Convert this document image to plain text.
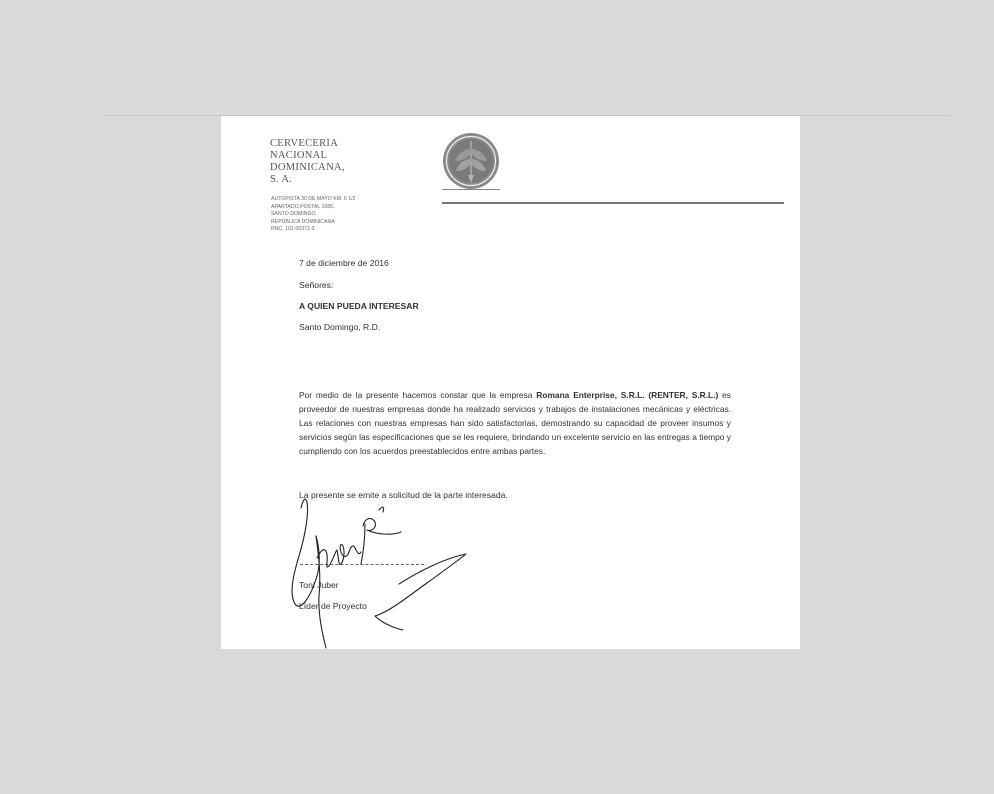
CERVECERIA
NACIONAL
DOMINICANA,
S. A.
AUTOPISTA 30 DE MAYO KM. 6 1/2
APARTADO POSTAL 1086,
SANTO DOMINGO,
REPÚBLICA DOMINICANA
RNC. 101-00372-3
7 de diciembre de 2016
Señores:
A QUIEN PUEDA INTERESAR
Santo Domingo, R.D.
Por medio de la presente hacemos constar que la empresa Romana Enterprise, S.R.L. (RENTER, S.R.L.) es proveedor de nuestras empresas donde ha realizado servicios y trabajos de instalaciones mecánicas y eléctricas. Las relaciones con nuestras empresas han sido satisfactorias, demostrando su capacidad de proveer insumos y servicios según las especificaciones que se les requiere, brindando un excelente servicio en las entregas a tiempo y cumpliendo con los acuerdos preestablecidos entre ambas partes.
La presente se emite a solicitud de la parte interesada.
Toni Juber
Líder de Proyecto
